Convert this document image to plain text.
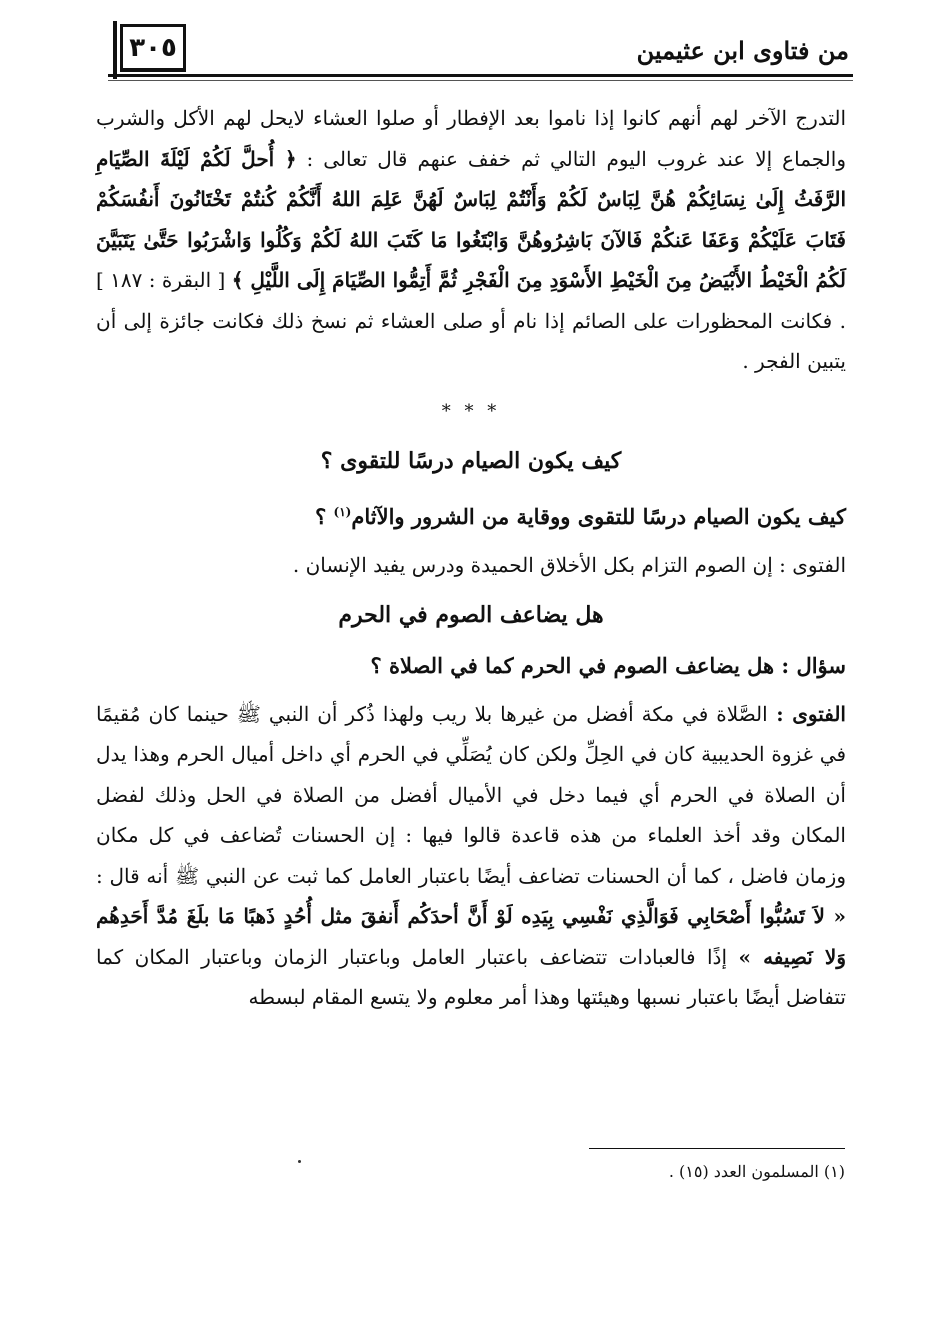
من فتاوى ابن عثيمين
٣٠٥

التدرج الآخر لهم أنهم كانوا إذا ناموا بعد الإفطار أو صلوا العشاء لايحل لهم الأكل والشرب والجماع إلا عند غروب اليوم التالي ثم خفف عنهم قال تعالى : ﴿ أُحلَّ لَكُمْ لَيْلَةَ الصِّيَامِ الرَّفَثُ إِلَىٰ نِسَائِكُمْ هُنَّ لِبَاسٌ لَكُمْ وَأَنْتُمْ لِبَاسٌ لَهُنَّ عَلِمَ اللهُ أَنَّكُمْ كُنتُمْ تَخْتَانُونَ أَنفُسَكُمْ فَتَابَ عَلَيْكُمْ وَعَفَا عَنكُمْ فَالآنَ بَاشِرُوهُنَّ وَابْتَغُوا مَا كَتَبَ اللهُ لَكُمْ وَكُلُوا وَاشْرَبُوا حَتَّىٰ يَتَبَيَّنَ لَكُمُ الْخَيْطُ الأَبْيَضُ مِنَ الْخَيْطِ الأَسْوَدِ مِنَ الْفَجْرِ ثُمَّ أَتِمُّوا الصِّيَامَ إِلَى اللَّيْلِ ﴾ [ البقرة : ١٨٧ ] . فكانت المحظورات على الصائم إذا نام أو صلى العشاء ثم نسخ ذلك فكانت جائزة إلى أن يتبين الفجر .

* * *
كيف يكون الصيام درسًا للتقوى ؟
كيف يكون الصيام درسًا للتقوى ووقاية من الشرور والآثام$^{(١)}$ ؟

الفتوى : إن الصوم التزام بكل الأخلاق الحميدة ودرس يفيد الإنسان .

هل يضاعف الصوم في الحرم
سؤال : هل يضاعف الصوم في الحرم كما في الصلاة ؟

الفتوى : الصَّلاة في مكة أفضل من غيرها بلا ريب ولهذا ذُكر أن النبي ﷺ حينما كان مُقيمًا في غزوة الحديبية كان في الحِلِّ ولكن كان يُصَلِّي في الحرم أي داخل أميال الحرم وهذا يدل أن الصلاة في الحرم أي فيما دخل في الأميال أفضل من الصلاة في الحل وذلك لفضل المكان وقد أخذ العلماء من هذه قاعدة قالوا فيها : إن الحسنات تُضاعف في كل مكان وزمان فاضل ، كما أن الحسنات تضاعف أيضًا باعتبار العامل كما ثبت عن النبي ﷺ أنه قال : « لاَ تَسُبُّوا أَصْحَابِي فَوَالَّذِي نَفْسِي بِيَدِه لَوْ أَنَّ أحدَكُم أَنفقَ مثل أُحُدٍ ذَهبًا مَا بلَغَ مُدَّ أَحَدِهُم وَلا نَصِيفه » إذًا فالعبادات تتضاعف باعتبار العامل وباعتبار الزمان وباعتبار المكان كما تتفاضل أيضًا باعتبار نسبها وهيئتها وهذا أمر معلوم ولا يتسع المقام لبسطه

(١) المسلمون العدد (١٥) .
